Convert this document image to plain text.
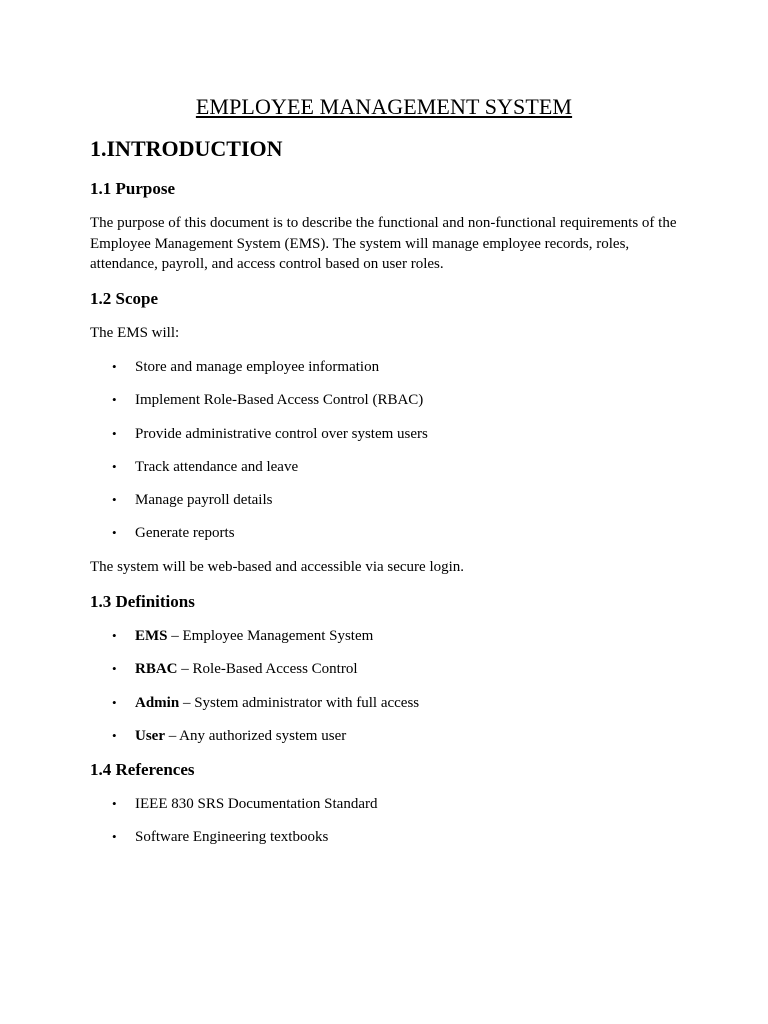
EMPLOYEE MANAGEMENT SYSTEM
1.INTRODUCTION
1.1 Purpose

The purpose of this document is to describe the functional and non-functional requirements of the Employee Management System (EMS). The system will manage employee records, roles, attendance, payroll, and access control based on user roles.

1.2 Scope

The EMS will:

• Store and manage employee information
• Implement Role-Based Access Control (RBAC)
• Provide administrative control over system users
• Track attendance and leave
• Manage payroll details
• Generate reports

The system will be web-based and accessible via secure login.

1.3 Definitions
• EMS – Employee Management System
• RBAC – Role-Based Access Control
• Admin – System administrator with full access
• User – Any authorized system user
1.4 References
• IEEE 830 SRS Documentation Standard
• Software Engineering textbooks
